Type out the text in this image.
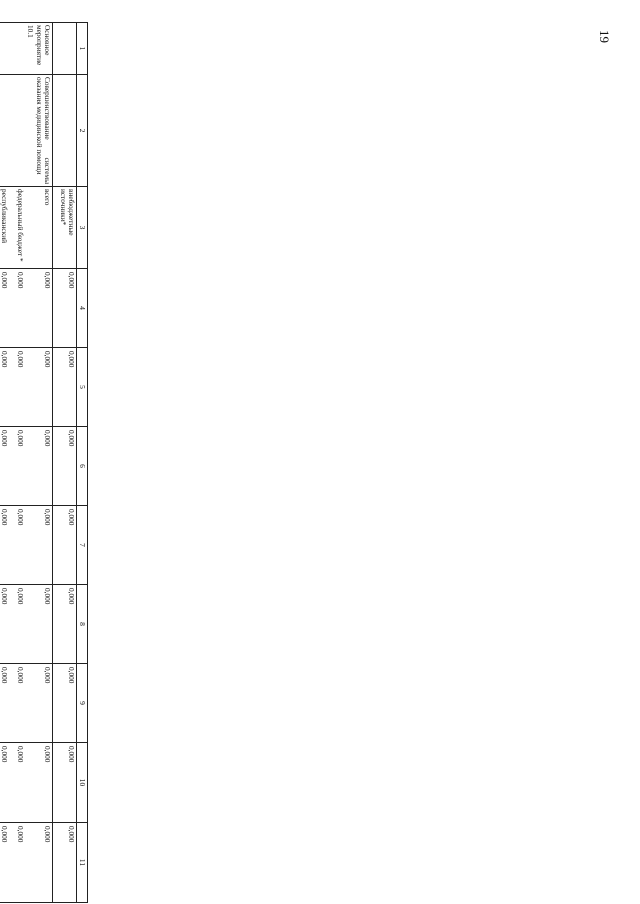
19
1	2	3	4	5	6	7	8	9	10	11
		внебюджетные источники*	0,000	0,000	0,000	0,000	0,000	0,000	0,000	0,000
Основное мероприятие 10.1	Совершенствование системы оказания медицинской помощи	всего	0,000	0,000	0,000	0,000	0,000	0,000	0,000	0,000
		федеральный бюджет *	0,000	0,000	0,000	0,000	0,000	0,000	0,000	0,000
		республиканский	0,000	0,000	0,000	0,000	0,000	0,000	0,000	0,000
